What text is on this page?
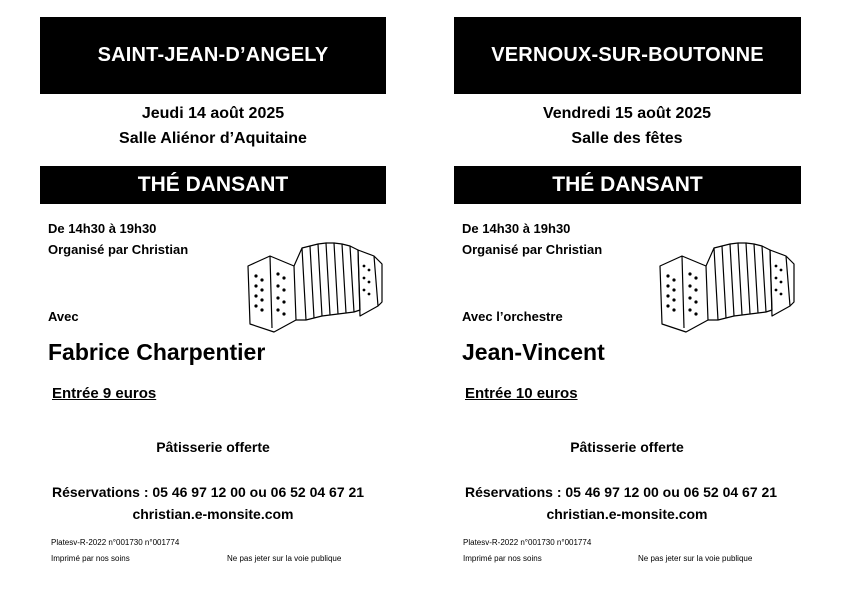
SAINT-JEAN-D’ANGELY
Jeudi 14 août 2025
Salle Aliénor d’Aquitaine
THÉ DANSANT
De 14h30 à 19h30
Organisé par Christian
Avec
Fabrice Charpentier
Entrée 9 euros
Pâtisserie offerte
Réservations : 05 46 97 12 00 ou 06 52 04 67 21
christian.e-monsite.com
Platesv-R-2022 n°001730 n°001774
Imprimé par nos soins	Ne pas jeter sur la voie publique
VERNOUX-SUR-BOUTONNE
Vendredi 15 août 2025
Salle des fêtes
THÉ DANSANT
De 14h30 à 19h30
Organisé par Christian
Avec l’orchestre
Jean-Vincent
Entrée 10 euros
Pâtisserie offerte
Réservations : 05 46 97 12 00 ou 06 52 04 67 21
christian.e-monsite.com
Platesv-R-2022 n°001730 n°001774
Imprimé par nos soins	Ne pas jeter sur la voie publique
